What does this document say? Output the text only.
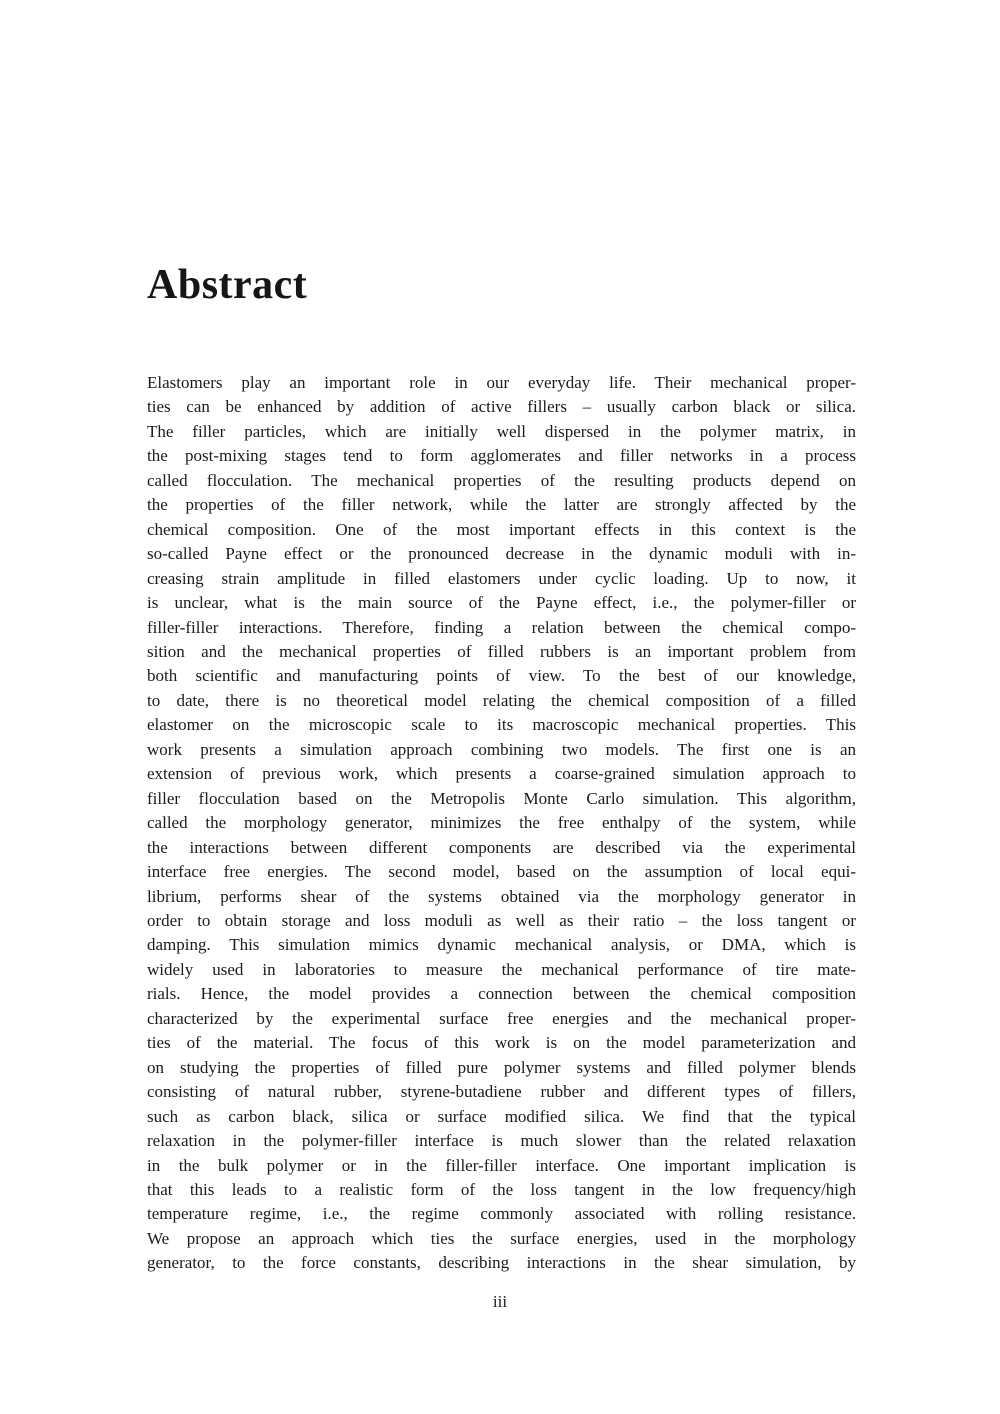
Abstract
Elastomers play an important role in our everyday life. Their mechanical proper-
ties can be enhanced by addition of active fillers – usually carbon black or silica.
The filler particles, which are initially well dispersed in the polymer matrix, in
the post-mixing stages tend to form agglomerates and filler networks in a process
called flocculation. The mechanical properties of the resulting products depend on
the properties of the filler network, while the latter are strongly affected by the
chemical composition. One of the most important effects in this context is the
so-called Payne effect or the pronounced decrease in the dynamic moduli with in-
creasing strain amplitude in filled elastomers under cyclic loading. Up to now, it
is unclear, what is the main source of the Payne effect, i.e., the polymer-filler or
filler-filler interactions. Therefore, finding a relation between the chemical compo-
sition and the mechanical properties of filled rubbers is an important problem from
both scientific and manufacturing points of view. To the best of our knowledge,
to date, there is no theoretical model relating the chemical composition of a filled
elastomer on the microscopic scale to its macroscopic mechanical properties. This
work presents a simulation approach combining two models. The first one is an
extension of previous work, which presents a coarse-grained simulation approach to
filler flocculation based on the Metropolis Monte Carlo simulation. This algorithm,
called the morphology generator, minimizes the free enthalpy of the system, while
the interactions between different components are described via the experimental
interface free energies. The second model, based on the assumption of local equi-
librium, performs shear of the systems obtained via the morphology generator in
order to obtain storage and loss moduli as well as their ratio – the loss tangent or
damping. This simulation mimics dynamic mechanical analysis, or DMA, which is
widely used in laboratories to measure the mechanical performance of tire mate-
rials. Hence, the model provides a connection between the chemical composition
characterized by the experimental surface free energies and the mechanical proper-
ties of the material. The focus of this work is on the model parameterization and
on studying the properties of filled pure polymer systems and filled polymer blends
consisting of natural rubber, styrene-butadiene rubber and different types of fillers,
such as carbon black, silica or surface modified silica. We find that the typical
relaxation in the polymer-filler interface is much slower than the related relaxation
in the bulk polymer or in the filler-filler interface. One important implication is
that this leads to a realistic form of the loss tangent in the low frequency/high
temperature regime, i.e., the regime commonly associated with rolling resistance.
We propose an approach which ties the surface energies, used in the morphology
generator, to the force constants, describing interactions in the shear simulation, by
iii
